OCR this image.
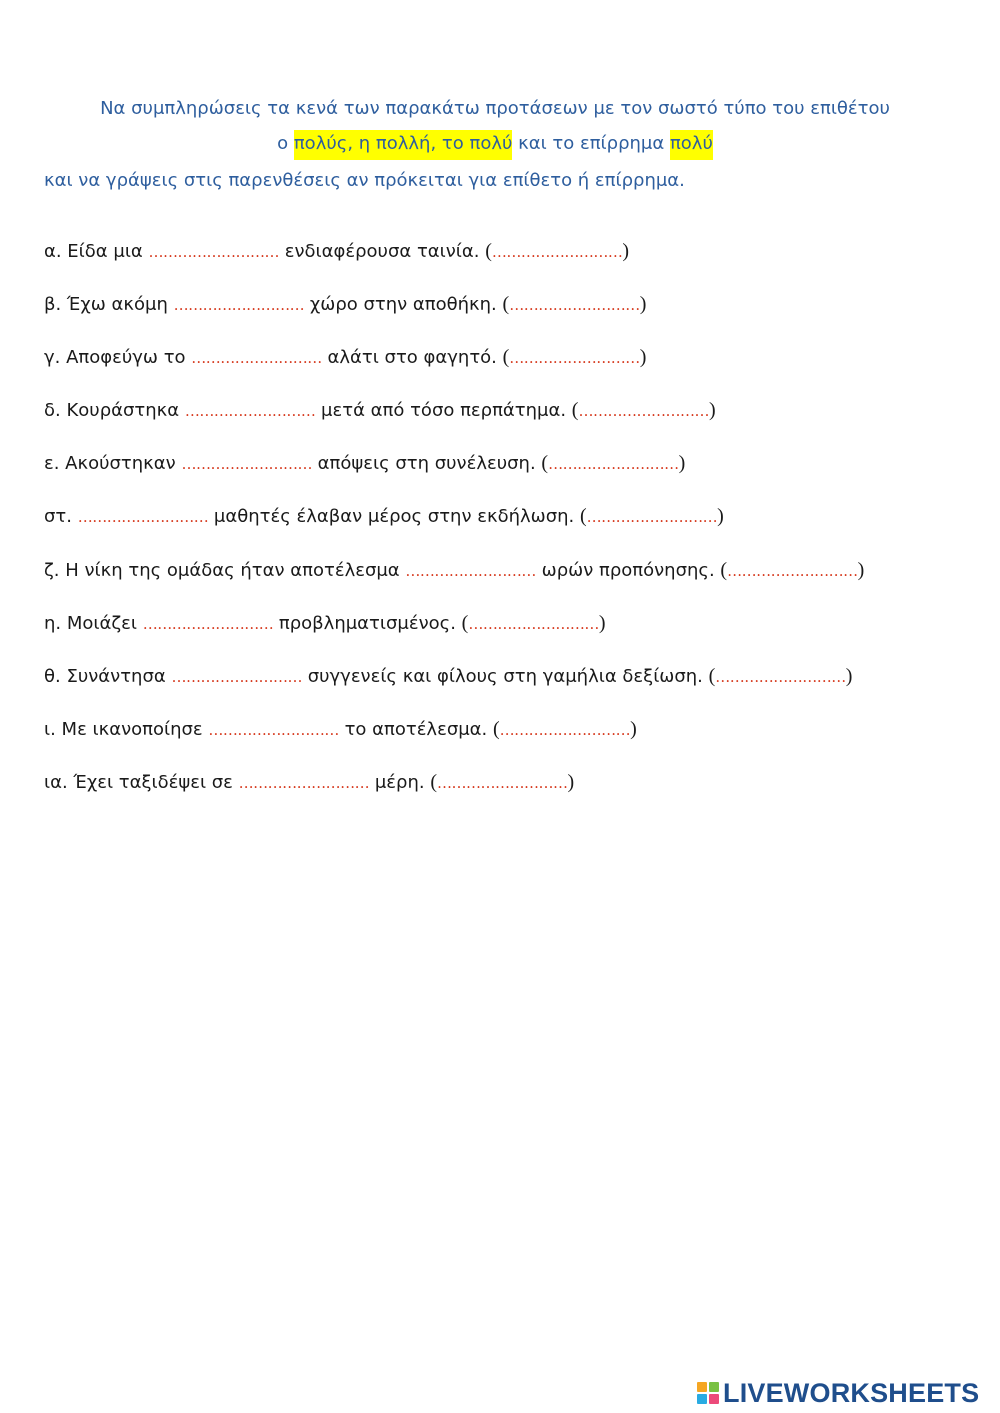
Να συμπληρώσεις τα κενά των παρακάτω προτάσεων με τον σωστό τύπο του επιθέτου
ο πολύς, η πολλή, το πολύ και το επίρρημα πολύ
και να γράψεις στις παρενθέσεις αν πρόκειται για επίθετο ή επίρρημα.
α. Είδα μια ……………………… ενδιαφέρουσα ταινία. (………………………)
β. Έχω ακόμη ……………………… χώρο στην αποθήκη. (………………………)
γ. Αποφεύγω το ……………………… αλάτι στο φαγητό. (………………………)
δ. Κουράστηκα ……………………… μετά από τόσο περπάτημα. (………………………)
ε. Ακούστηκαν ……………………… απόψεις στη συνέλευση. (………………………)
στ. ……………………… μαθητές έλαβαν μέρος στην εκδήλωση. (………………………)
ζ. Η νίκη της ομάδας ήταν αποτέλεσμα ……………………… ωρών προπόνησης. (………………………)
η. Μοιάζει ……………………… προβληματισμένος. (………………………)
θ. Συνάντησα ……………………… συγγενείς και φίλους στη γαμήλια δεξίωση. (………………………)
ι. Με ικανοποίησε ……………………… το αποτέλεσμα. (………………………)
ια. Έχει ταξιδέψει σε ……………………… μέρη. (………………………)
LIVEWORKSHEETS
